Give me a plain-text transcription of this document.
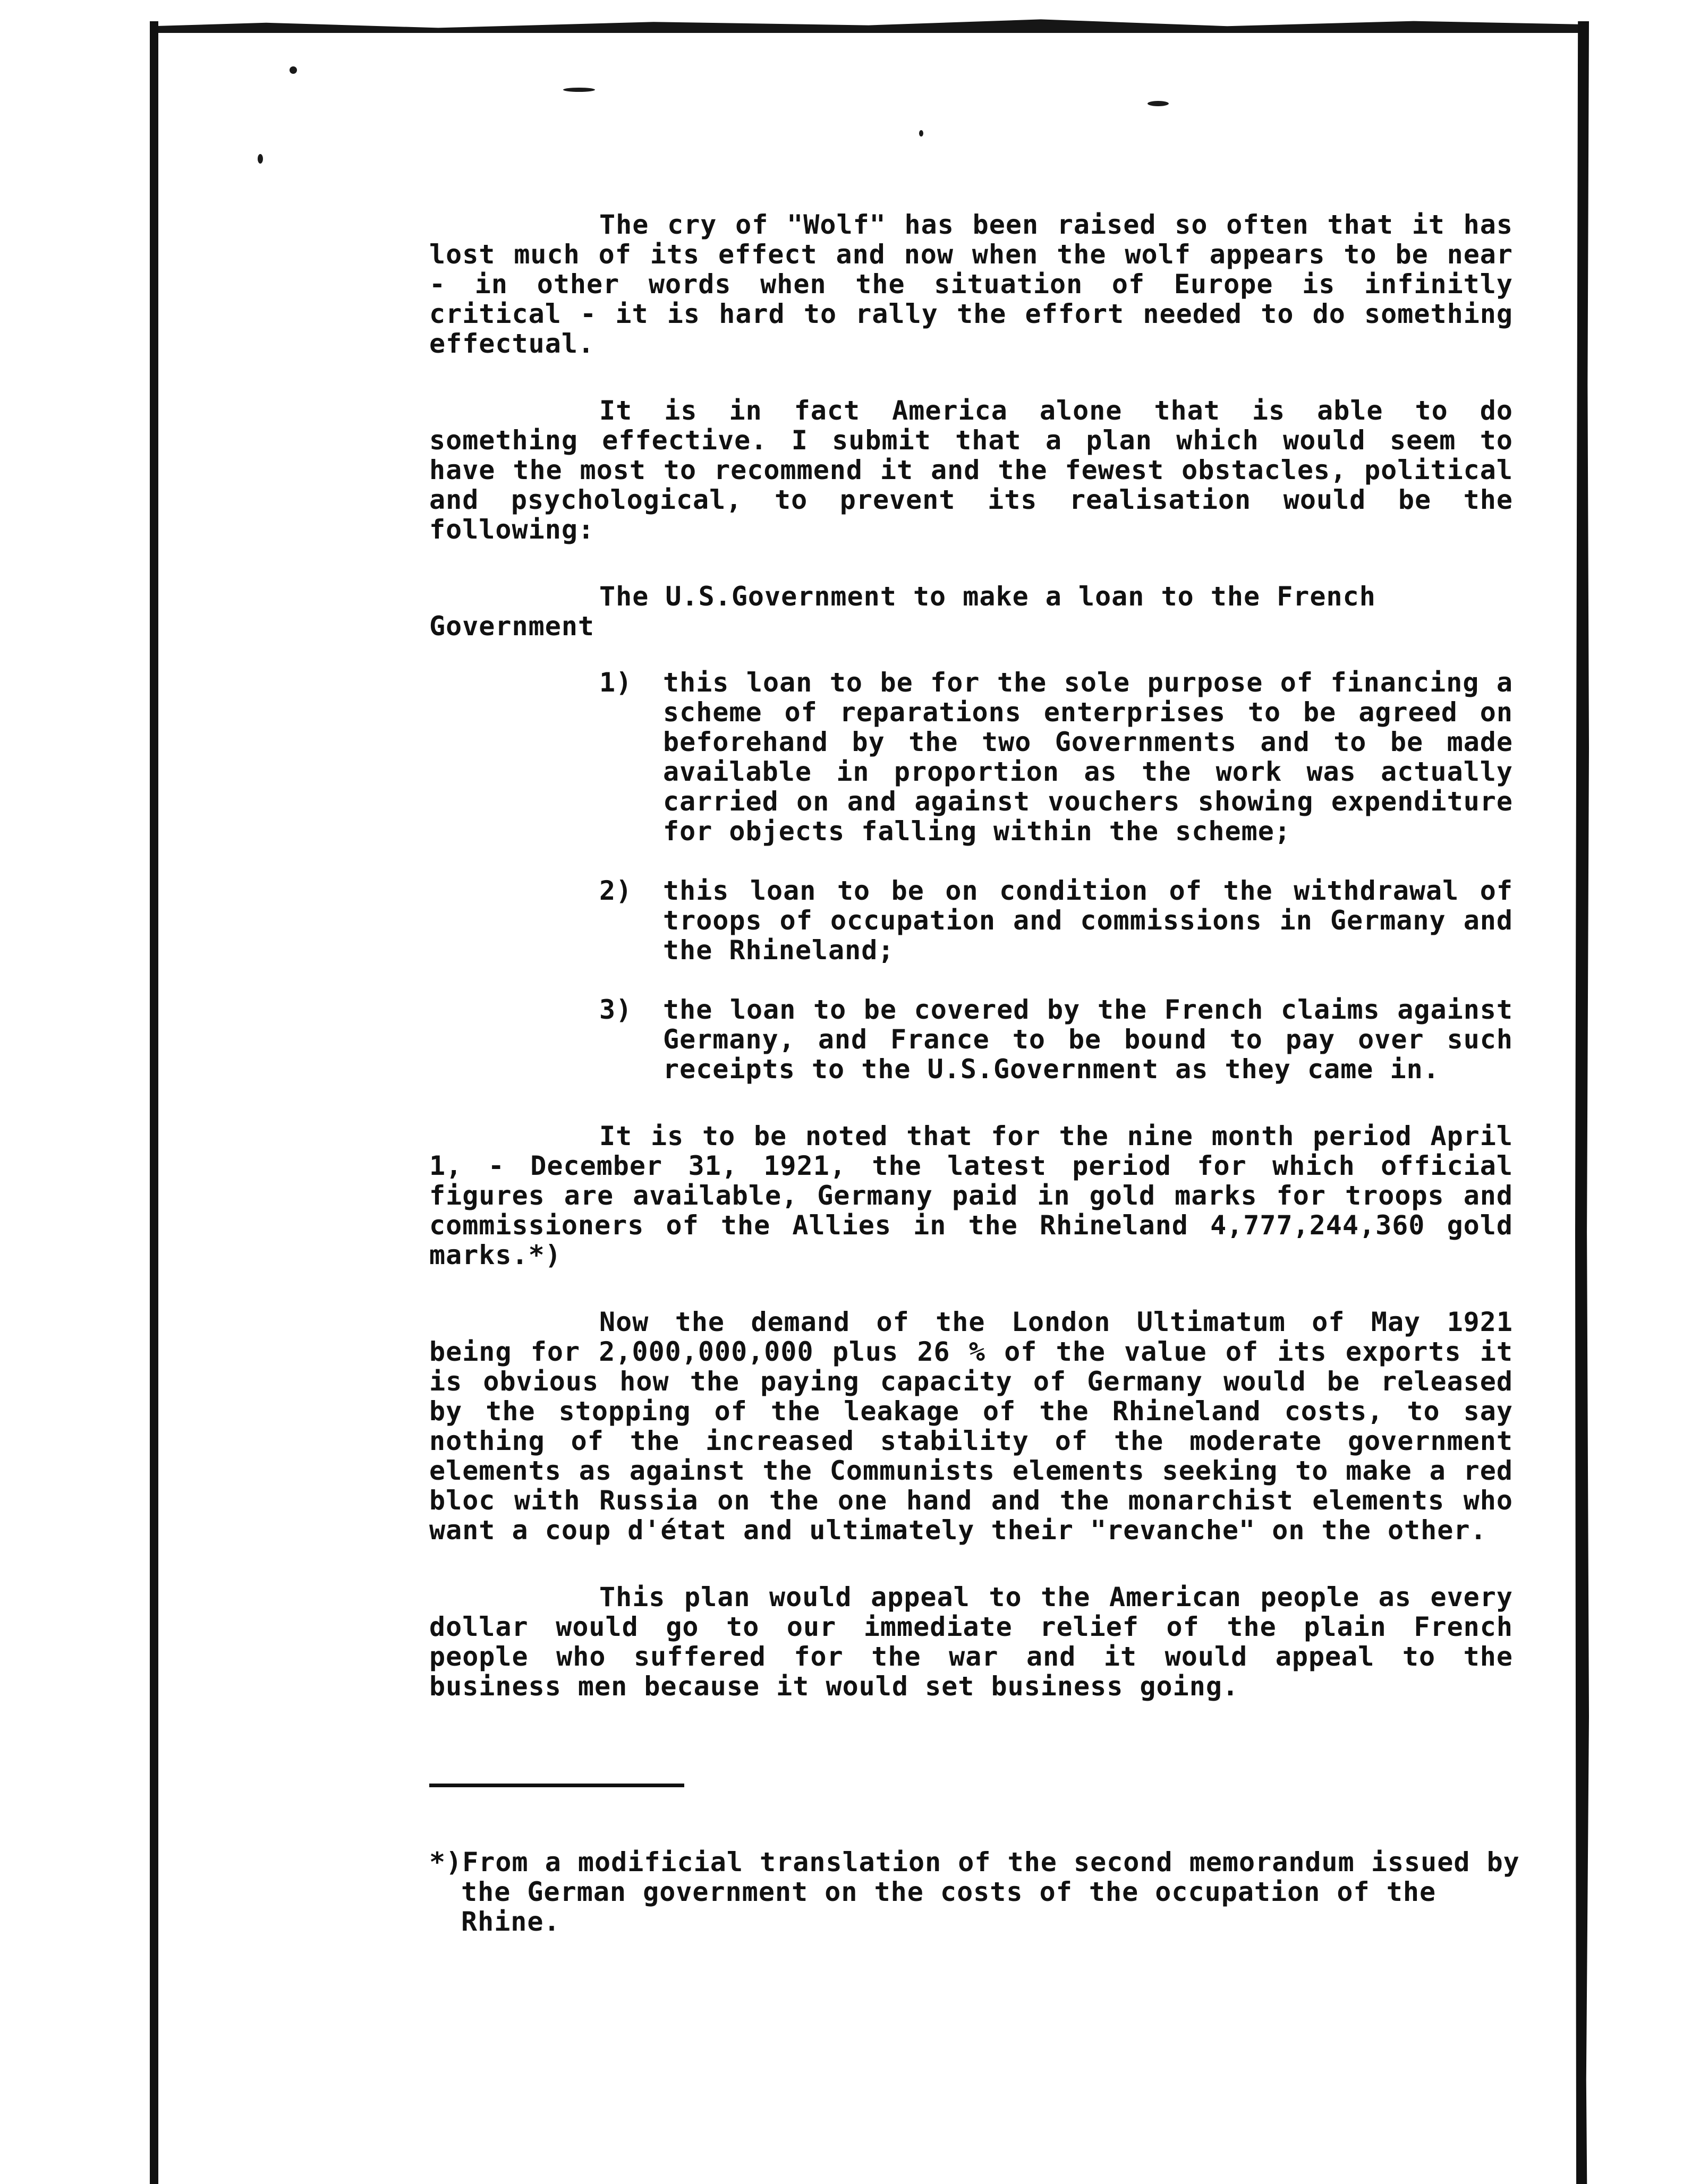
The cry of "Wolf" has been raised so often that it has lost much of its effect and now when the wolf appears to be near - in other words when the situation of Europe is infinitly critical - it is hard to rally the effort needed to do something effectual.

It is in fact America alone that is able to do something effective. I submit that a plan which would seem to have the most to recommend it and the fewest obstacles, political and psychological, to prevent its realisation would be the following:

The U.S.Government to make a loan to the French Government

1) this loan to be for the sole purpose of financing a scheme of reparations enterprises to be agreed on beforehand by the two Governments and to be made available in proportion as the work was actually carried on and against vouchers showing expenditure for objects falling within the scheme;
2) this loan to be on condition of the withdrawal of troops of occupation and commissions in Germany and the Rhineland;
3) the loan to be covered by the French claims against Germany, and France to be bound to pay over such receipts to the U.S.Government as they came in.

It is to be noted that for the nine month period April 1, - December 31, 1921, the latest period for which official figures are available, Germany paid in gold marks for troops and commissioners of the Allies in the Rhineland 4,777,244,360 gold marks.*)

Now the demand of the London Ultimatum of May 1921 being for 2,000,000,000 plus 26 % of the value of its exports it is obvious how the paying capacity of Germany would be released by the stopping of the leakage of the Rhineland costs, to say nothing of the increased stability of the moderate government elements as against the Communists elements seeking to make a red bloc with Russia on the one hand and the monarchist elements who want a coup d'état and ultimately their "revanche" on the other.

This plan would appeal to the American people as every dollar would go to our immediate relief of the plain French people who suffered for the war and it would appeal to the business men because it would set business going.

*)From a modificial translation of the second memorandum issued by the German government on the costs of the occupation of the Rhine.
